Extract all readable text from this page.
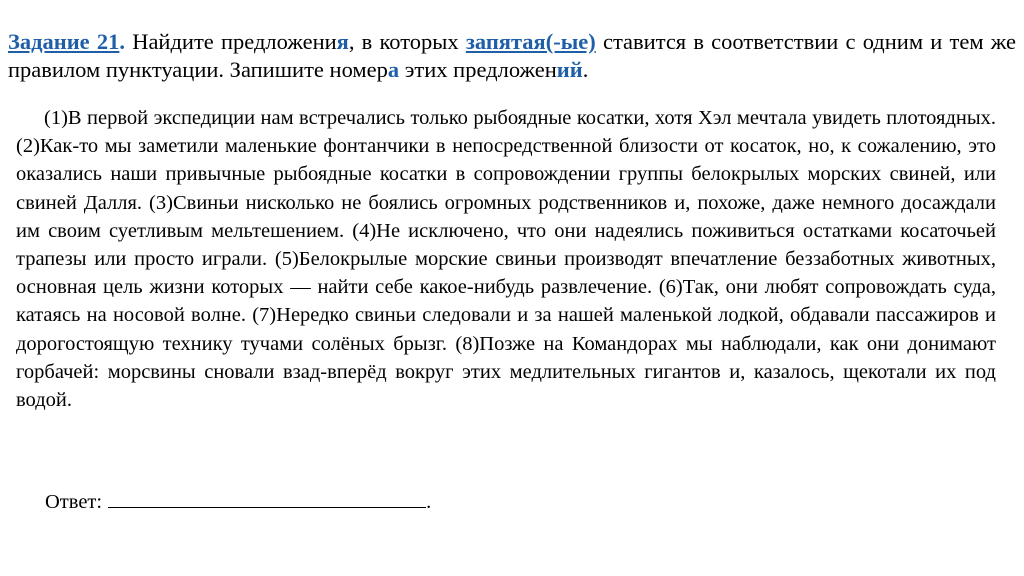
Задание 21. Найдите предложения, в которых запятая(-ые) ставится в соответствии с одним и тем же правилом пунктуации. Запишите номера этих предложений.

(1)В первой экспедиции нам встречались только рыбоядные косатки, хотя Хэл мечтала увидеть плотоядных. (2)Как-то мы заметили маленькие фонтанчики в непосредственной близости от косаток, но, к сожалению, это оказались наши привычные рыбоядные косатки в сопровождении группы белокрылых морских свиней, или свиней Далля. (3)Свиньи нисколько не боялись огромных родственников и, похоже, даже немного досаждали им своим суетливым мельтешением. (4)Не исключено, что они надеялись поживиться остатками косаточьей трапезы или просто играли. (5)Белокрылые морские свиньи производят впечатление беззаботных животных, основная цель жизни которых — найти себе какое-нибудь развлечение. (6)Так, они любят сопровождать суда, катаясь на носовой волне. (7)Нередко свиньи следовали и за нашей маленькой лодкой, обдавали пассажиров и дорогостоящую технику тучами солёных брызг. (8)Позже на Командорах мы наблюдали, как они донимают горбачей: морсвины сновали взад-вперёд вокруг этих медлительных гигантов и, казалось, щекотали их под водой.

Ответ:	.
